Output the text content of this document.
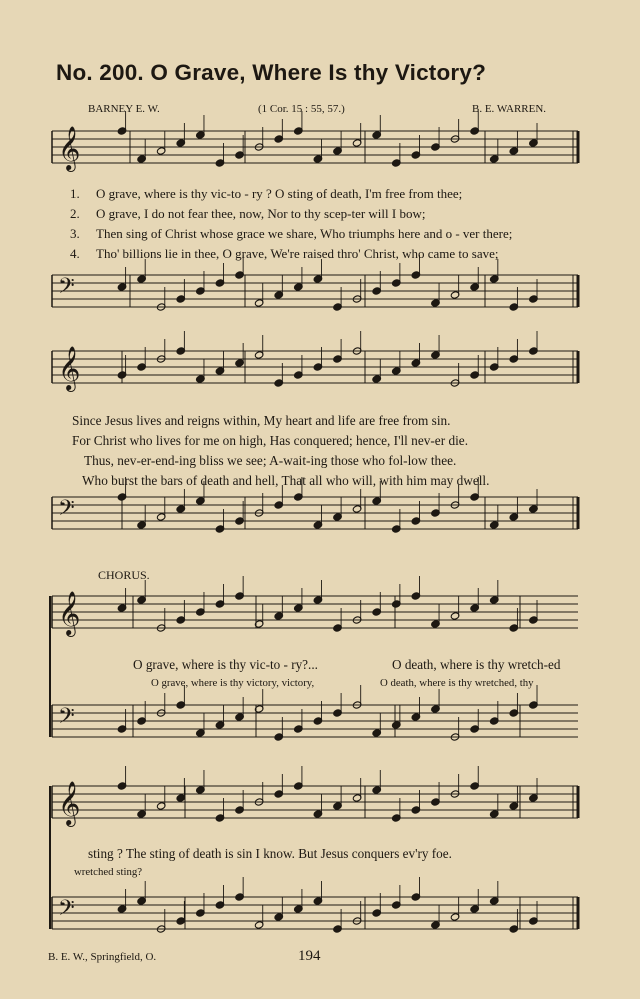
No. 200. O Grave, Where Is thy Victory?
BARNEY E. W.	(1 Cor. 15 : 55, 57.)	B. E. WARREN.
1. O grave, where is thy vic-to - ry ? O sting of death, I'm free from thee;
2. O grave, I do not fear thee, now, Nor to thy scep-ter will I bow;
3. Then sing of Christ whose grace we share, Who triumphs here and o - ver there;
4. Tho' billions lie in thee, O grave, We're raised thro' Christ, who came to save;
Since Jesus lives and reigns within, My heart and life are free from sin.
For Christ who lives for me on high, Has conquered; hence, I'll nev-er die.
Thus, nev-er-end-ing bliss we see; A-wait-ing those who fol-low thee.
Who burst the bars of death and hell, That all who will, with him may dwell.
CHORUS.
O grave, where is thy vic-to - ry?...	O death, where is thy wretch-ed
O grave, where is thy victory, victory,	O death, where is thy wretched, thy
sting ? The sting of death is sin I know. But Jesus conquers ev'ry foe.
wretched sting?
B. E. W., Springfield, O.	194
𝄞
𝄢
𝄞
𝄢
𝄞
𝄢
𝄞
𝄢
